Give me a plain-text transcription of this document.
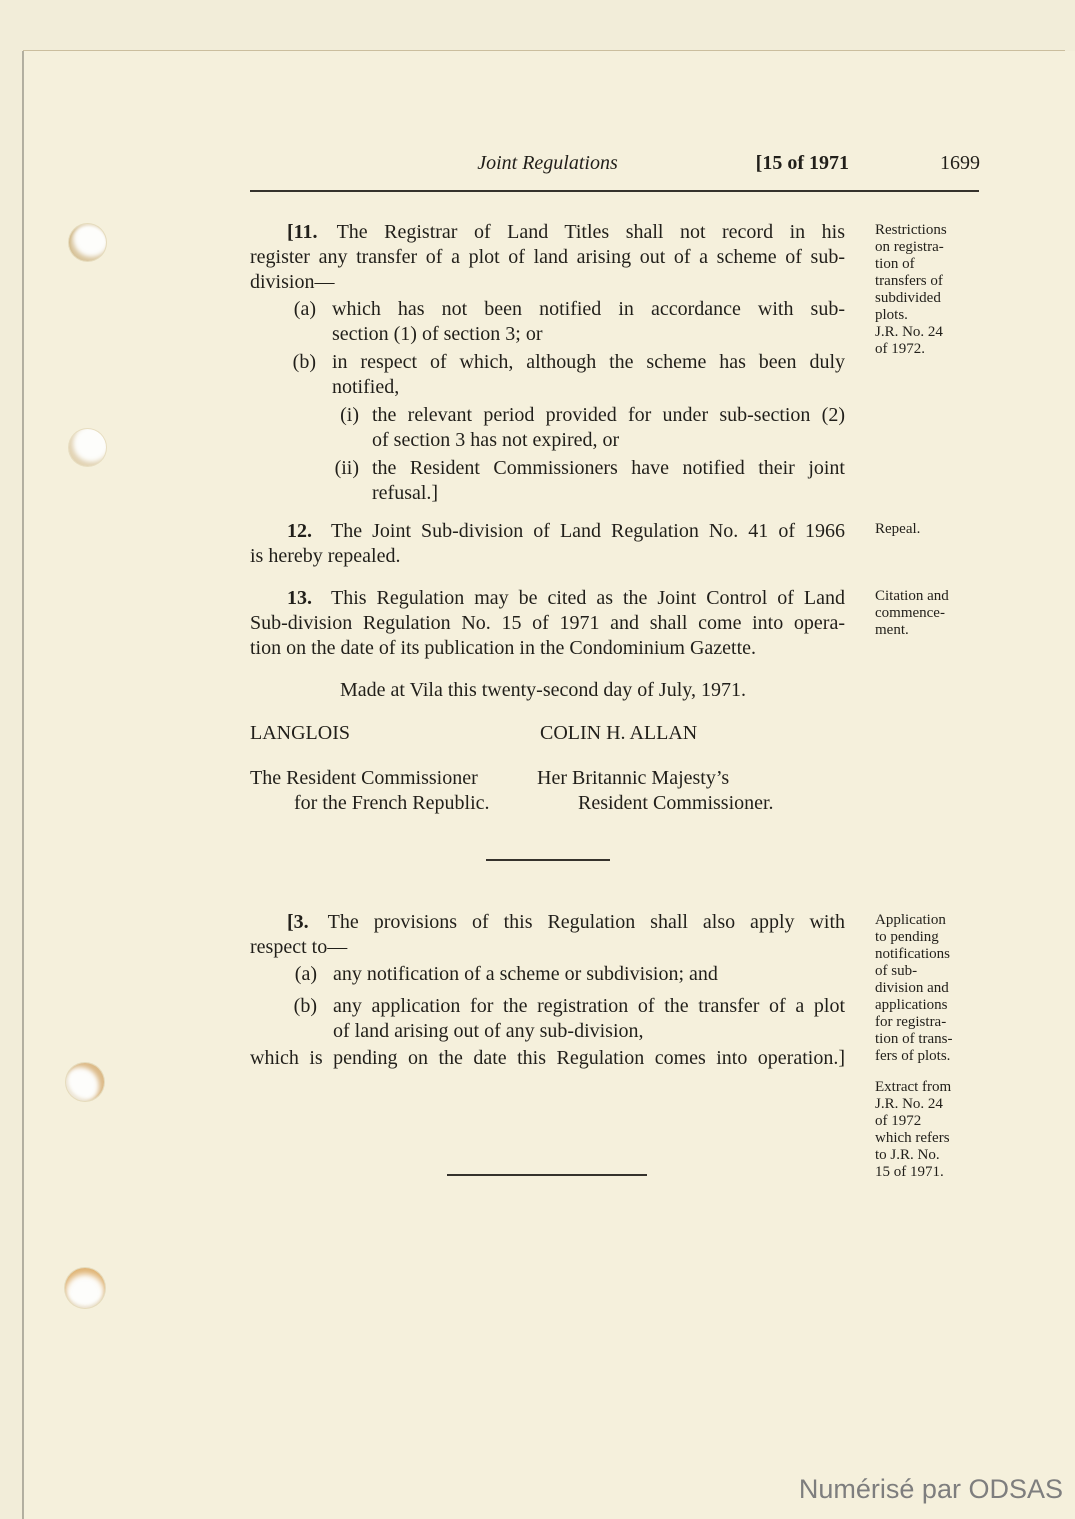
Joint Regulations	[15 of 1971	1699
[11. The Registrar of Land Titles shall not record in his
register any transfer of a plot of land arising out of a scheme of sub-
division—
(a) which has not been notified in accordance with sub-
section (1) of section 3; or
(b) in respect of which, although the scheme has been duly
notified,
(i) the relevant period provided for under sub-section (2)
of section 3 has not expired, or
(ii) the Resident Commissioners have notified their joint
refusal.]
12. The Joint Sub-division of Land Regulation No. 41 of 1966
is hereby repealed.
13. This Regulation may be cited as the Joint Control of Land
Sub-division Regulation No. 15 of 1971 and shall come into opera-
tion on the date of its publication in the Condominium Gazette.
Made at Vila this twenty-second day of July, 1971.
LANGLOIS	COLIN H. ALLAN
The Resident Commissioner
for the French Republic.
Her Britannic Majesty’s
Resident Commissioner.
[3. The provisions of this Regulation shall also apply with
respect to—
(a) any notification of a scheme or subdivision; and
(b) any application for the registration of the transfer of a plot
of land arising out of any sub-division,
which is pending on the date this Regulation comes into operation.]
Restrictions
on registra-
tion of
transfers of
subdivided
plots.
J.R. No. 24
of 1972.
Repeal.
Citation and
commence-
ment.
Application
to pending
notifications
of sub-
division and
applications
for registra-
tion of trans-
fers of plots.
Extract from
J.R. No. 24
of 1972
which refers
to J.R. No.
15 of 1971.
Numérisé par ODSAS
